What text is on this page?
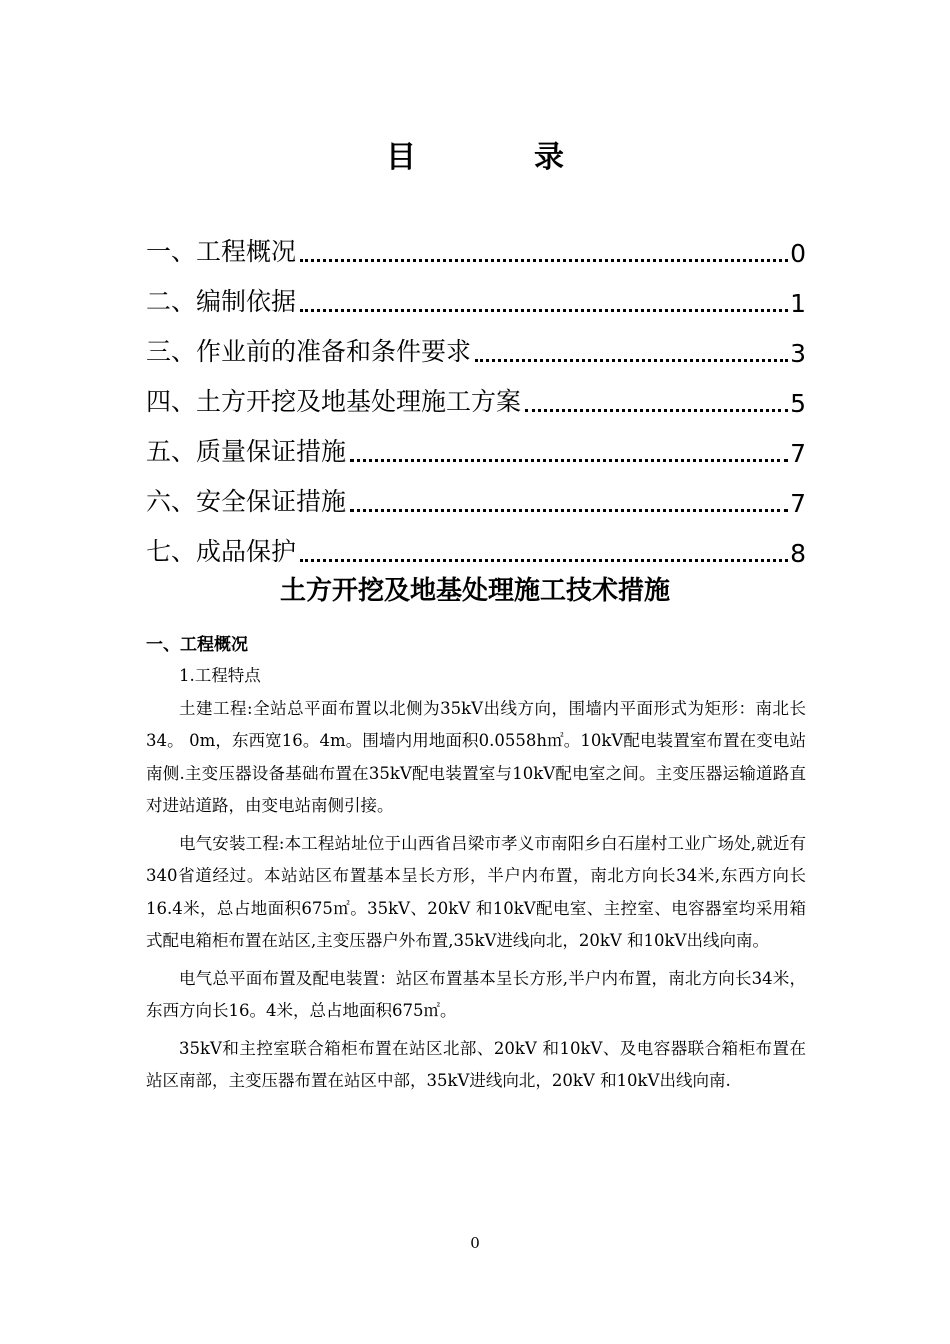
目	录
一、工程概况	0
二、编制依据	1
三、作业前的准备和条件要求	3
四、土方开挖及地基处理施工方案	5
五、质量保证措施	7
六、安全保证措施	7
七、成品保护	8
土方开挖及地基处理施工技术措施
一、工程概况

1.工程特点

土建工程:全站总平面布置以北侧为35kV出线方向，围墙内平面形式为矩形：南北长34。 0m，东西宽16。4m。围墙内用地面积0.0558h㎡。10kV配电装置室布置在变电站南侧.主变压器设备基础布置在35kV配电装置室与10kV配电室之间。主变压器运输道路直对进站道路，由变电站南侧引接。

电气安装工程:本工程站址位于山西省吕梁市孝义市南阳乡白石崖村工业广场处,就近有340省道经过。本站站区布置基本呈长方形，半户内布置，南北方向长34米,东西方向长16.4米，总占地面积675㎡。35kV、20kV 和10kV配电室、主控室、电容器室均采用箱式配电箱柜布置在站区,主变压器户外布置,35kV进线向北，20kV 和10kV出线向南。

电气总平面布置及配电装置：站区布置基本呈长方形,半户内布置，南北方向长34米，东西方向长16。4米，总占地面积675㎡。

35kV和主控室联合箱柜布置在站区北部、20kV 和10kV、及电容器联合箱柜布置在站区南部，主变压器布置在站区中部，35kV进线向北，20kV 和10kV出线向南.

0
